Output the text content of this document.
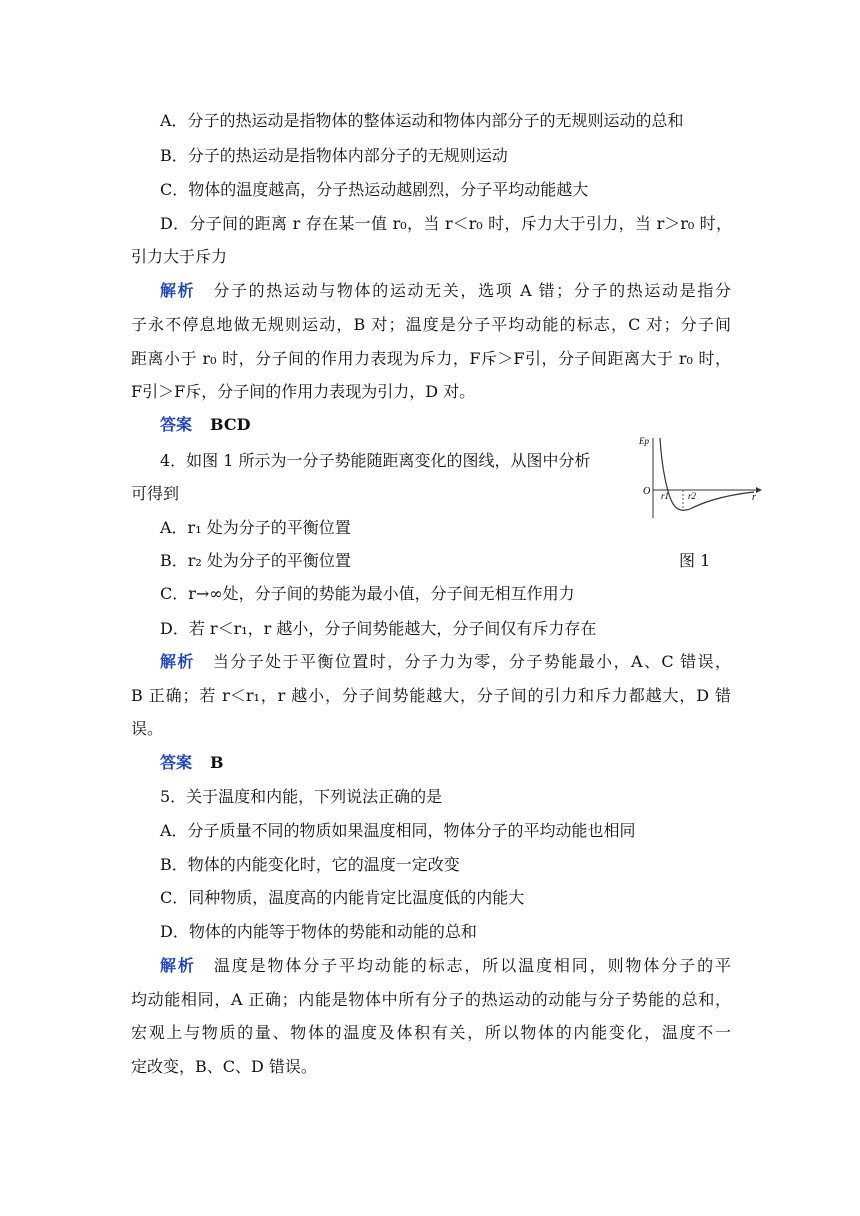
A．分子的热运动是指物体的整体运动和物体内部分子的无规则运动的总和
B．分子的热运动是指物体内部分子的无规则运动
C．物体的温度越高，分子热运动越剧烈，分子平均动能越大
D．分子间的距离 r 存在某一值 r₀，当 r＜r₀ 时，斥力大于引力，当 r＞r₀ 时，
引力大于斥力
解析 分子的热运动与物体的运动无关，选项 A 错；分子的热运动是指分
子永不停息地做无规则运动，B 对；温度是分子平均动能的标志，C 对；分子间
距离小于 r₀ 时，分子间的作用力表现为斥力，F斥＞F引，分子间距离大于 r₀ 时，
F引＞F斥，分子间的作用力表现为引力，D 对。
答案 BCD
4．如图 1 所示为一分子势能随距离变化的图线，从图中分析
可得到
Ep
O r1 r2	r
A．r₁ 处为分子的平衡位置
B．r₂ 处为分子的平衡位置	图 1
C．r→∞处，分子间的势能为最小值，分子间无相互作用力
D．若 r＜r₁，r 越小，分子间势能越大，分子间仅有斥力存在
解析 当分子处于平衡位置时，分子力为零，分子势能最小，A、C 错误，
B 正确；若 r＜r₁，r 越小，分子间势能越大，分子间的引力和斥力都越大，D 错
误。
答案 B
5．关于温度和内能，下列说法正确的是
A．分子质量不同的物质如果温度相同，物体分子的平均动能也相同
B．物体的内能变化时，它的温度一定改变
C．同种物质，温度高的内能肯定比温度低的内能大
D．物体的内能等于物体的势能和动能的总和
解析 温度是物体分子平均动能的标志，所以温度相同，则物体分子的平
均动能相同，A 正确；内能是物体中所有分子的热运动的动能与分子势能的总和，
宏观上与物质的量、物体的温度及体积有关，所以物体的内能变化，温度不一
定改变，B、C、D 错误。
